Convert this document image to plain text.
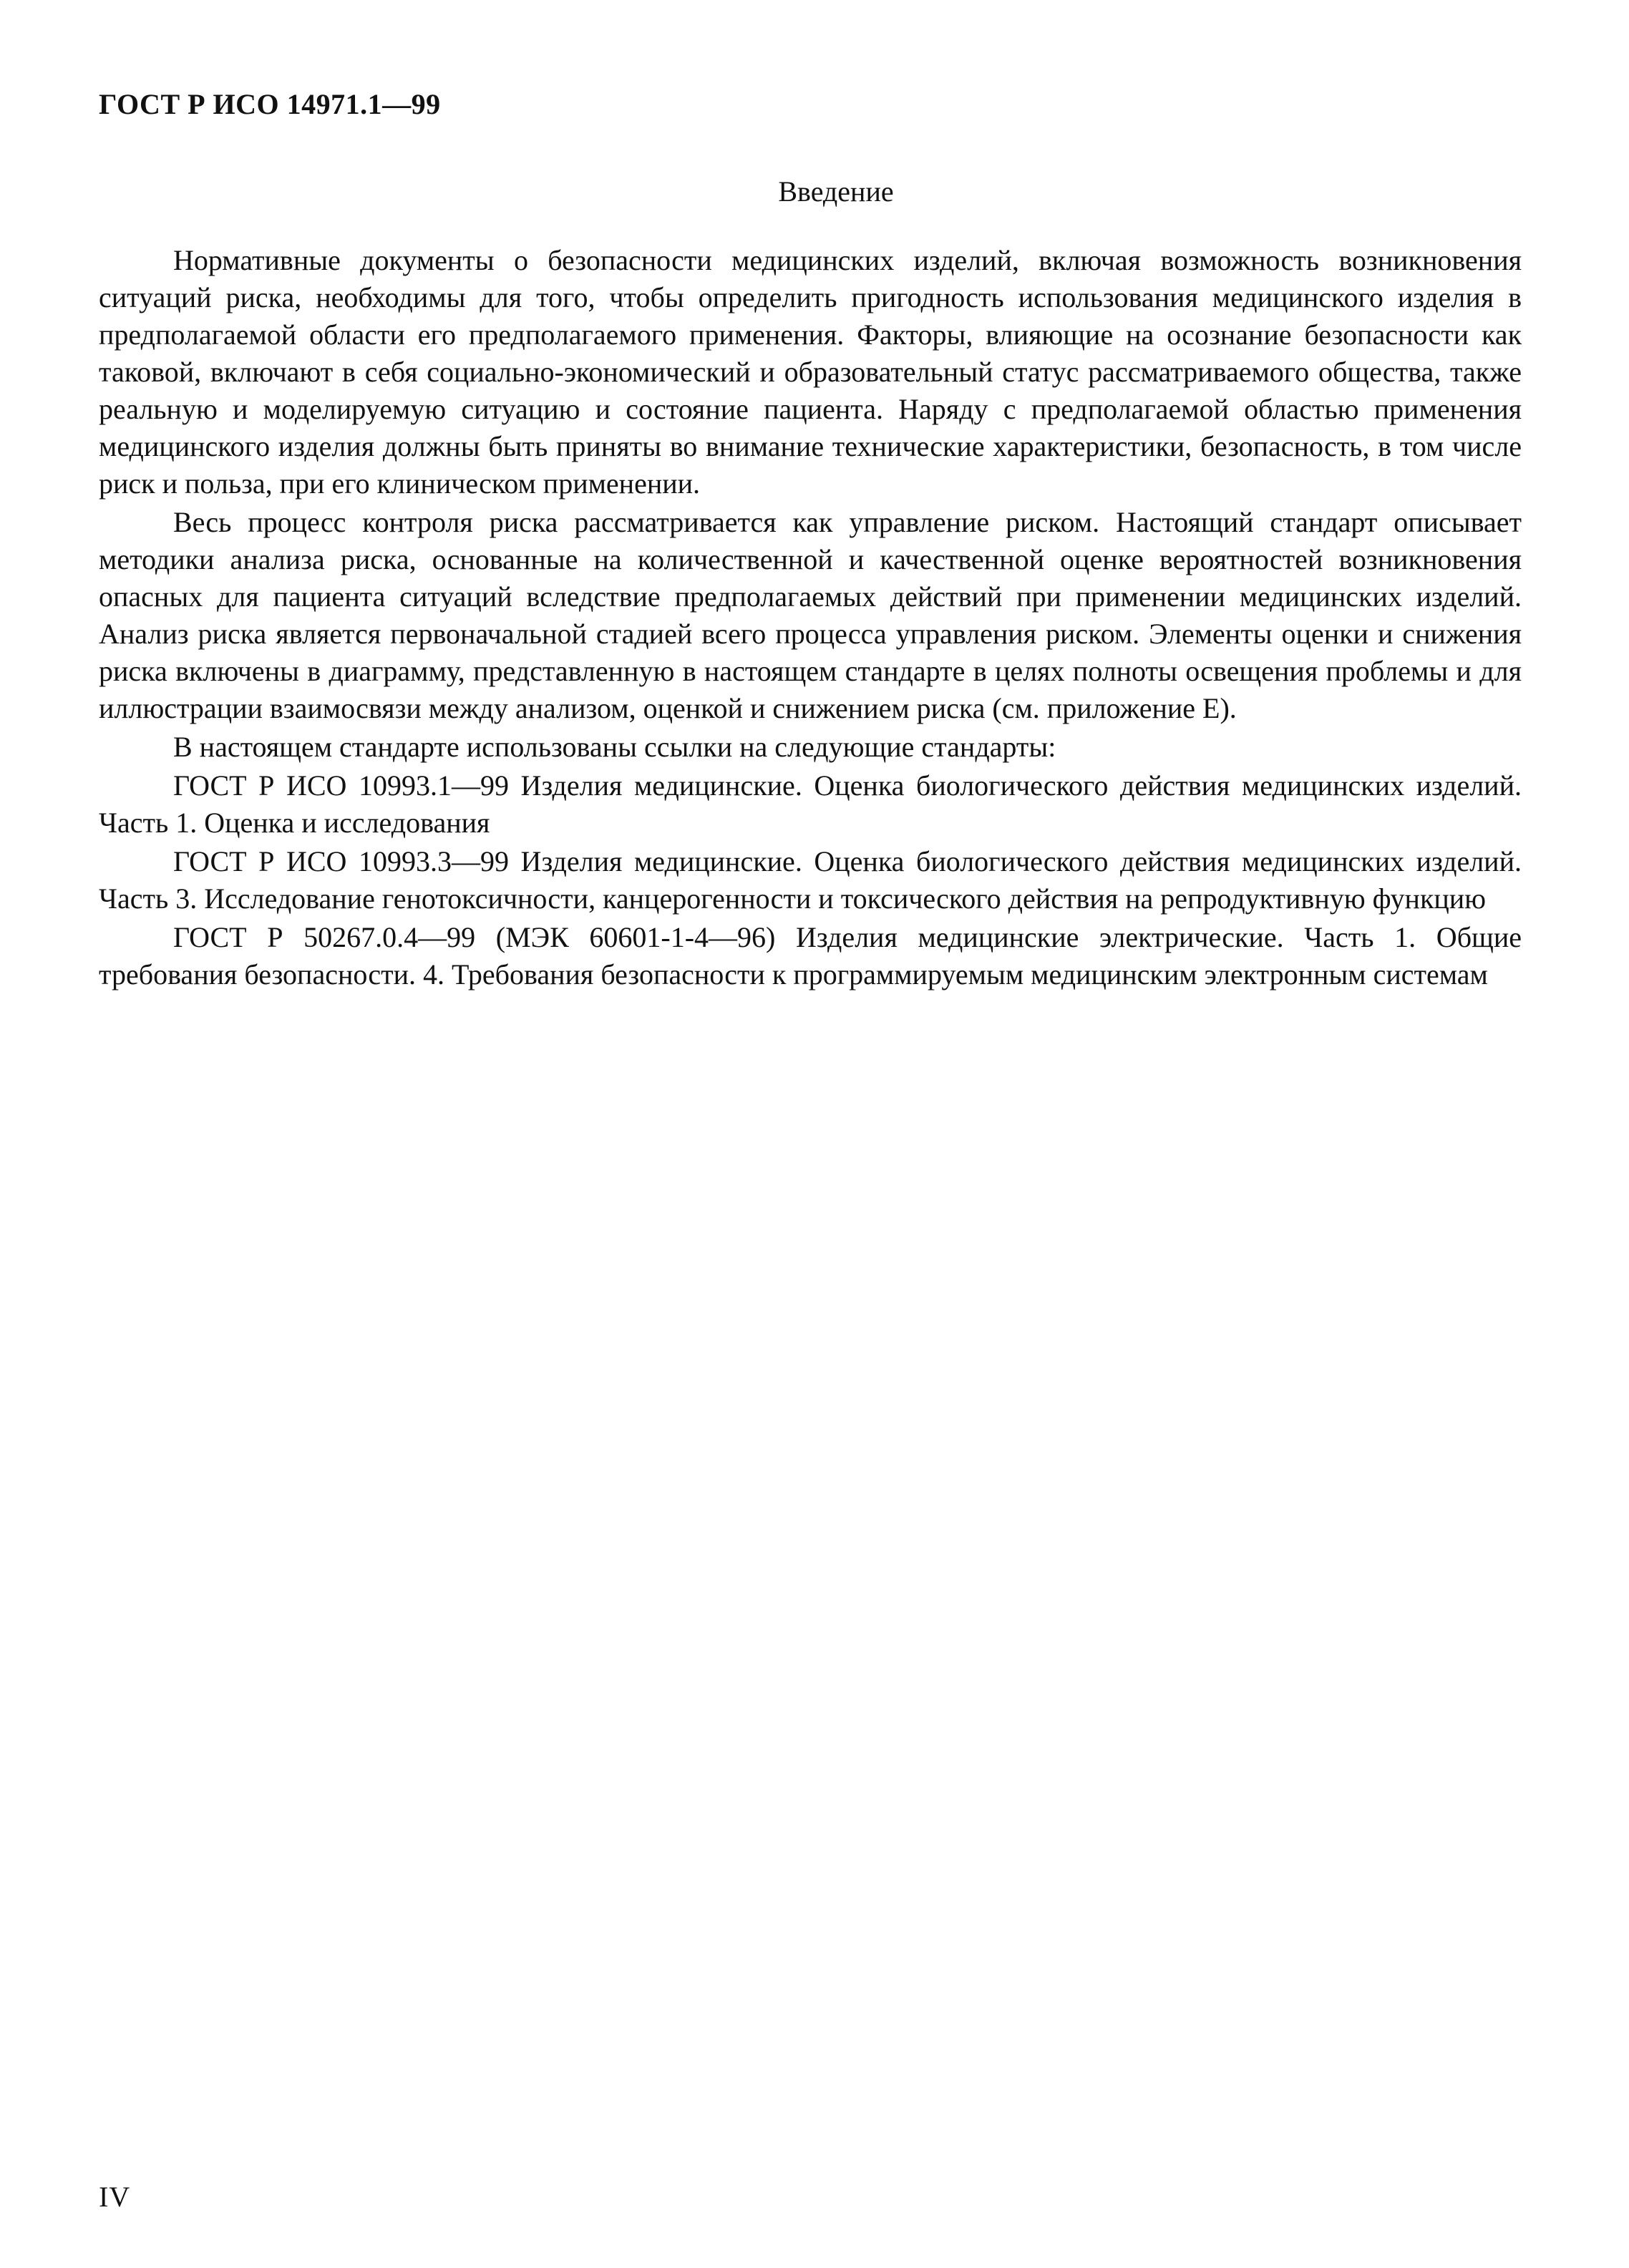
ГОСТ Р ИСО 14971.1—99
Введение

Нормативные документы о безопасности медицинских изделий, включая возможность возникновения ситуаций риска, необходимы для того, чтобы определить пригодность использования медицинского изделия в предполагаемой области его предполагаемого применения. Факторы, влияющие на осознание безопасности как таковой, включают в себя социально-экономический и образовательный статус рассматриваемого общества, также реальную и моделируемую ситуацию и состояние пациента. Наряду с предполагаемой областью применения медицинского изделия должны быть приняты во внимание технические характеристики, безопасность, в том числе риск и польза, при его клиническом применении.

Весь процесс контроля риска рассматривается как управление риском. Настоящий стандарт описывает методики анализа риска, основанные на количественной и качественной оценке вероятностей возникновения опасных для пациента ситуаций вследствие предполагаемых действий при применении медицинских изделий. Анализ риска является первоначальной стадией всего процесса управления риском. Элементы оценки и снижения риска включены в диаграмму, представленную в настоящем стандарте в целях полноты освещения проблемы и для иллюстрации взаимосвязи между анализом, оценкой и снижением риска (см. приложение Е).

В настоящем стандарте использованы ссылки на следующие стандарты:

ГОСТ Р ИСО 10993.1—99 Изделия медицинские. Оценка биологического действия медицинских изделий. Часть 1. Оценка и исследования

ГОСТ Р ИСО 10993.3—99 Изделия медицинские. Оценка биологического действия медицинских изделий. Часть 3. Исследование генотоксичности, канцерогенности и токсического действия на репродуктивную функцию

ГОСТ Р 50267.0.4—99 (МЭК 60601-1-4—96) Изделия медицинские электрические. Часть 1. Общие требования безопасности. 4. Требования безопасности к программируемым медицинским электронным системам

IV
